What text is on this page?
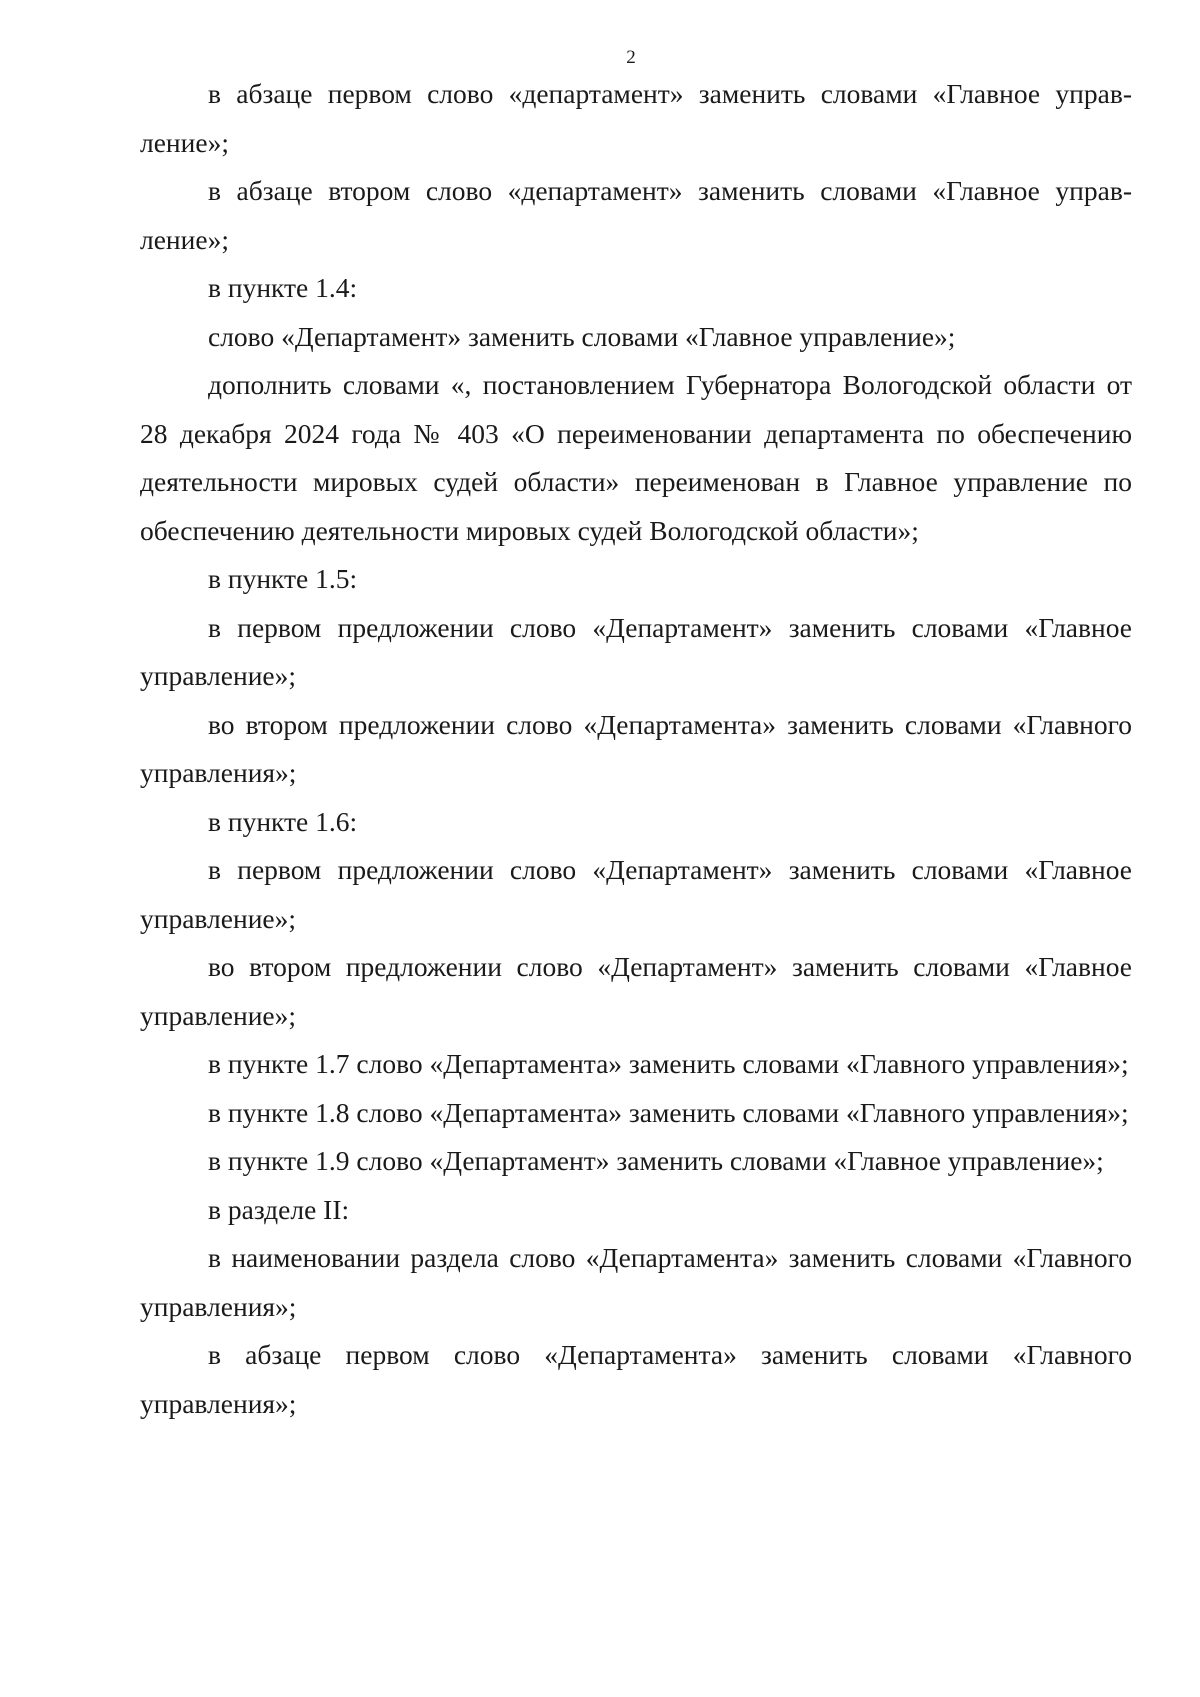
2

в абзаце первом слово «департамент» заменить словами «Главное управление»;

в абзаце втором слово «департамент» заменить словами «Главное управление»;

в пункте 1.4:

слово «Департамент» заменить словами «Главное управление»;

дополнить словами «, постановлением Губернатора Вологодской области от 28 декабря 2024 года № 403 «О переименовании департамента по обеспечению деятельности мировых судей области» переименован в Главное управление по обеспечению деятельности мировых судей Вологодской области»;

в пункте 1.5:

в первом предложении слово «Департамент» заменить словами «Главное управление»;

во втором предложении слово «Департамента» заменить словами «Главного управления»;

в пункте 1.6:

в первом предложении слово «Департамент» заменить словами «Главное управление»;

во втором предложении слово «Департамент» заменить словами «Главное управление»;

в пункте 1.7 слово «Департамента» заменить словами «Главного управления»;

в пункте 1.8 слово «Департамента» заменить словами «Главного управления»;

в пункте 1.9 слово «Департамент» заменить словами «Главное управление»;

в разделе II:

в наименовании раздела слово «Департамента» заменить словами «Главного управления»;

в абзаце первом слово «Департамента» заменить словами «Главного управления»;
